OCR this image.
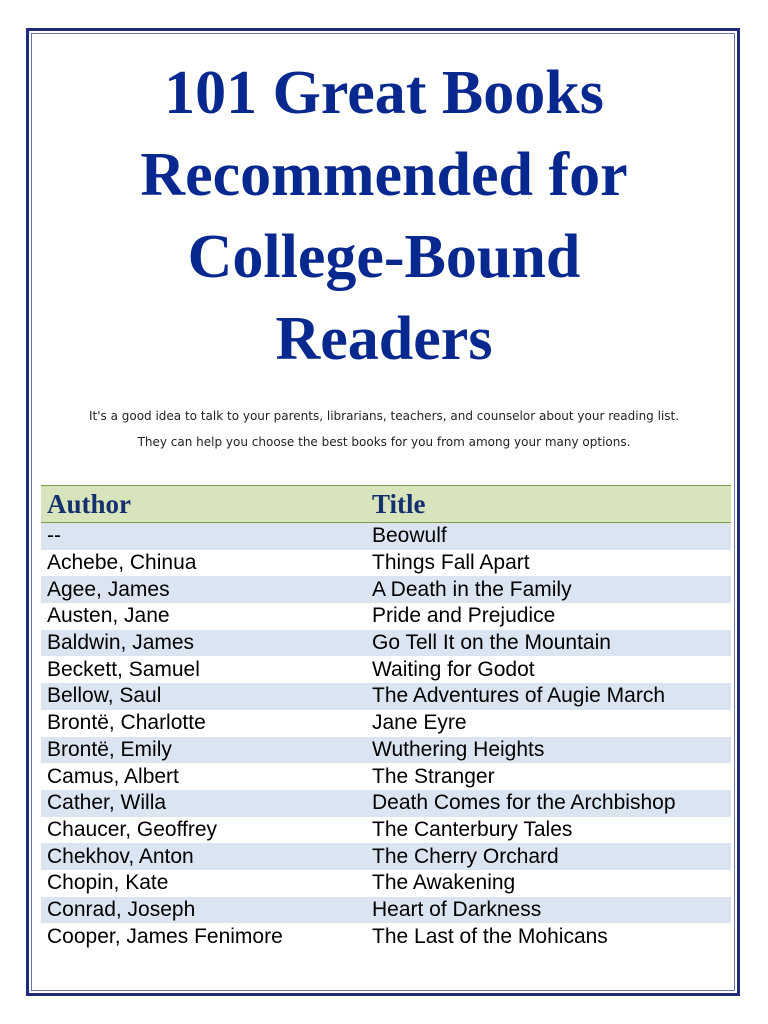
101 Great Books
Recommended for
College-Bound
Readers

It's a good idea to talk to your parents, librarians, teachers, and counselor about your reading list.

They can help you choose the best books for you from among your many options.

Author	Title
--	Beowulf
Achebe, Chinua	Things Fall Apart
Agee, James	A Death in the Family
Austen, Jane	Pride and Prejudice
Baldwin, James	Go Tell It on the Mountain
Beckett, Samuel	Waiting for Godot
Bellow, Saul	The Adventures of Augie March
Brontë, Charlotte	Jane Eyre
Brontë, Emily	Wuthering Heights
Camus, Albert	The Stranger
Cather, Willa	Death Comes for the Archbishop
Chaucer, Geoffrey	The Canterbury Tales
Chekhov, Anton	The Cherry Orchard
Chopin, Kate	The Awakening
Conrad, Joseph	Heart of Darkness
Cooper, James Fenimore	The Last of the Mohicans
